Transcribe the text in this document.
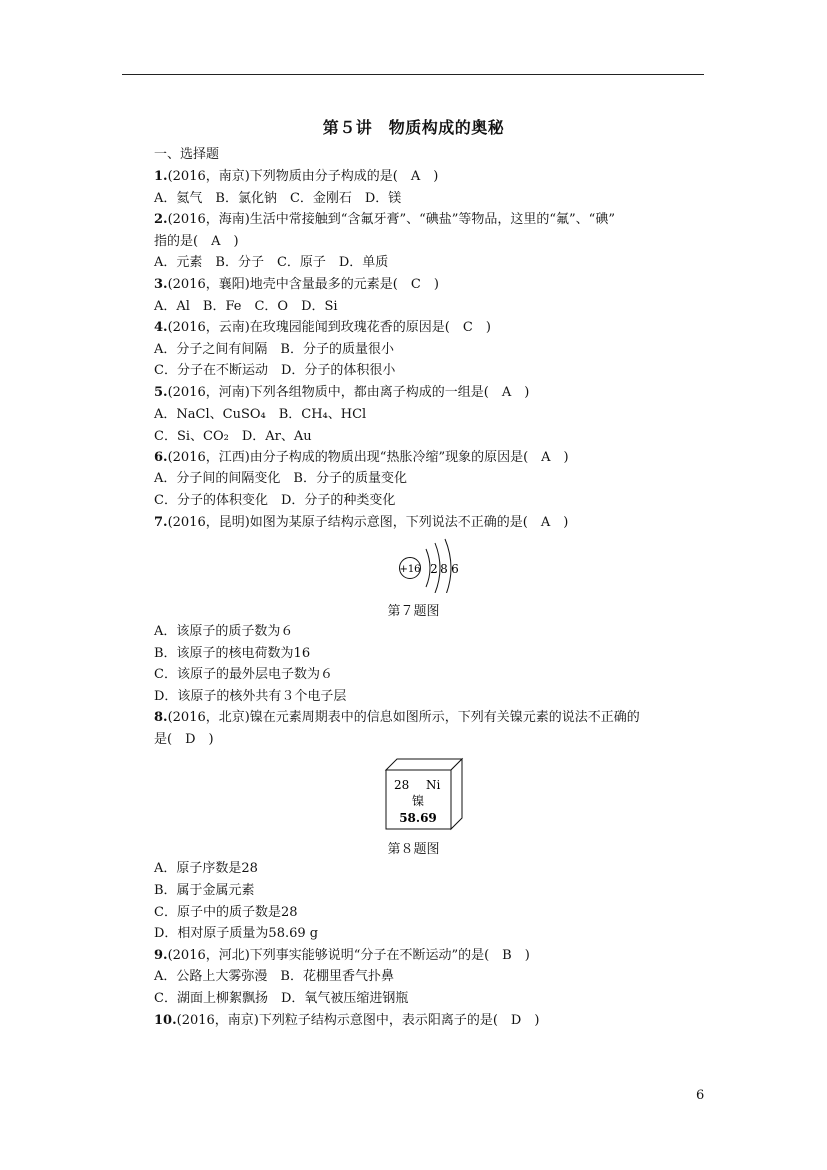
第５讲　物质构成的奥秘
一、选择题
1.(2016，南京)下列物质由分子构成的是(　A　)
A．氦气　B．氯化钠　C．金刚石　D．镁
2.(2016，海南)生活中常接触到“含氟牙膏”、“碘盐”等物品，这里的“氟”、“碘”
指的是(　A　)
A．元素　B．分子　C．原子　D．单质
3.(2016，襄阳)地壳中含量最多的元素是(　C　)
A．Al　B．Fe　C．O　D．Si
4.(2016，云南)在玫瑰园能闻到玫瑰花香的原因是(　C　)
A．分子之间有间隔　B．分子的质量很小
C．分子在不断运动　D．分子的体积很小
5.(2016，河南)下列各组物质中，都由离子构成的一组是(　A　)
A．NaCl、CuSO₄　B．CH₄、HCl
C．Si、CO₂　D．Ar、Au
6.(2016，江西)由分子构成的物质出现“热胀冷缩”现象的原因是(　A　)
A．分子间的间隔变化　B．分子的质量变化
C．分子的体积变化　D．分子的种类变化
7.(2016，昆明)如图为某原子结构示意图，下列说法不正确的是(　A　)
+16 2 8 6
第７题图
A．该原子的质子数为６
B．该原子的核电荷数为16
C．该原子的最外层电子数为６
D．该原子的核外共有３个电子层
8.(2016，北京)镍在元素周期表中的信息如图所示，下列有关镍元素的说法不正确的
是(　D　)
28 Ni
镍
58.69
第８题图
A．原子序数是28
B．属于金属元素
C．原子中的质子数是28
D．相对原子质量为58.69 g
9.(2016，河北)下列事实能够说明“分子在不断运动”的是(　B　)
A．公路上大雾弥漫　B．花棚里香气扑鼻
C．湖面上柳絮飘扬　D．氧气被压缩进钢瓶
10.(2016，南京)下列粒子结构示意图中，表示阳离子的是(　D　)
6
